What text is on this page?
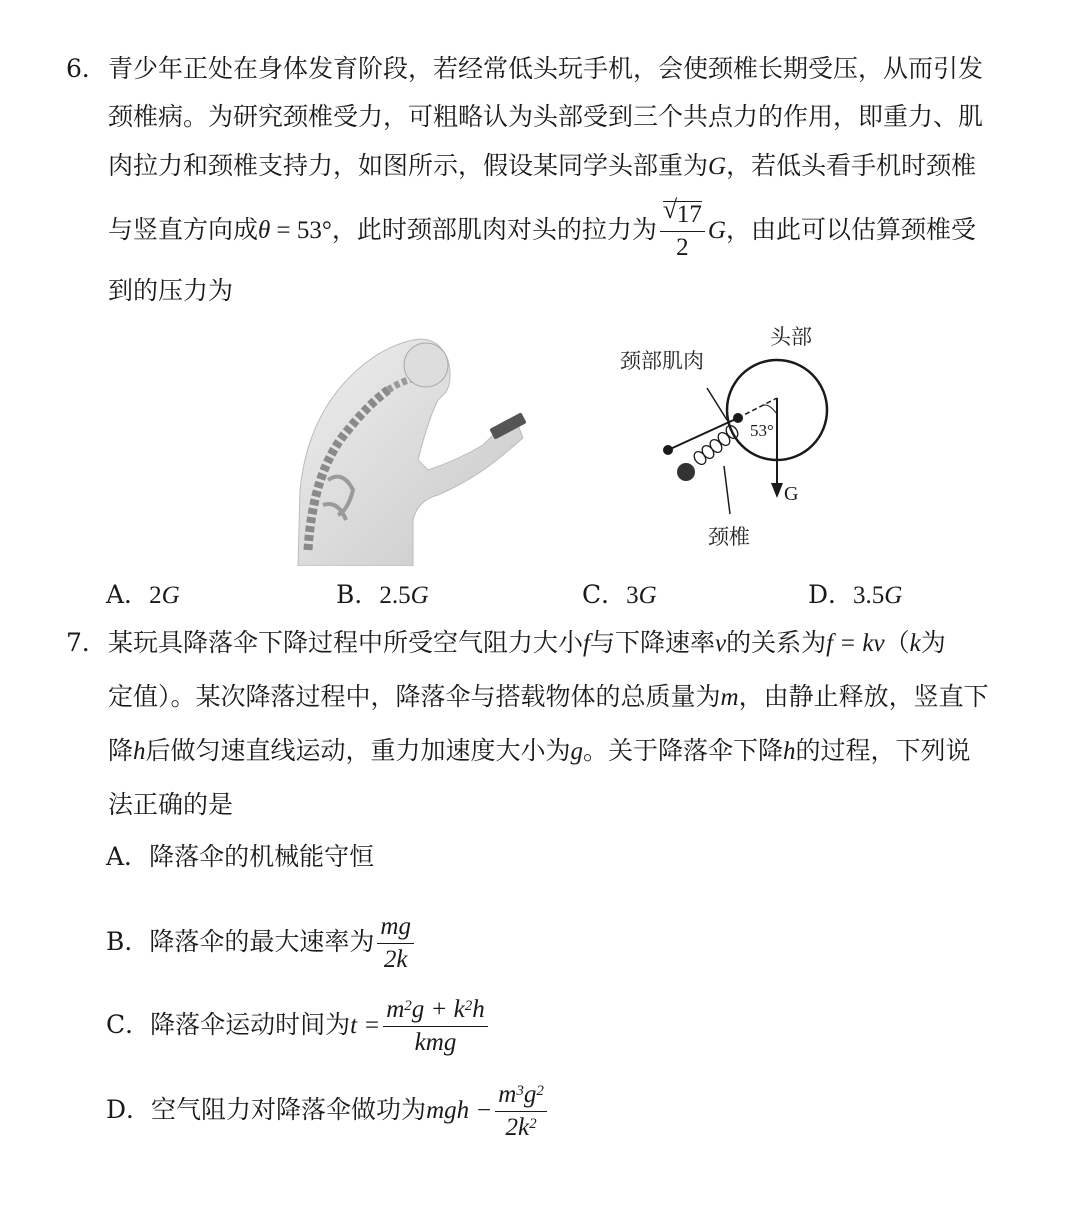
6． 青少年正处在身体发育阶段，若经常低头玩手机，会使颈椎长期受压，从而引发
颈椎病。为研究颈椎受力，可粗略认为头部受到三个共点力的作用，即重力、肌
肉拉力和颈椎支持力，如图所示，假设某同学头部重为G，若低头看手机时颈椎
与竖直方向成θ = 53°，此时颈部肌肉对头的拉力为
√ $\frac{17}{2}$ G，由此可以估算颈椎受
到的压力为
头部
颈部肌肉
53°
G
颈椎
A．2G	B．2.5G	C．3G	D．3.5G
7． 某玩具降落伞下降过程中所受空气阻力大小f与下降速率v的关系为f = kv（k为
定值）。某次降落过程中，降落伞与搭载物体的总质量为m，由静止释放，竖直下
降h后做匀速直线运动，重力加速度大小为g。关于降落伞下降h的过程，下列说
法正确的是
A．降落伞的机械能守恒
B．降落伞的最大速率为 $\frac{mg}{2k}$
C．降落伞运动时间为$t = \frac{m^2g + k^2h}{\text{kmg}}$
D．空气阻力对降落伞做功为mgh − $\frac{m^3g^2}{2k^2}$
